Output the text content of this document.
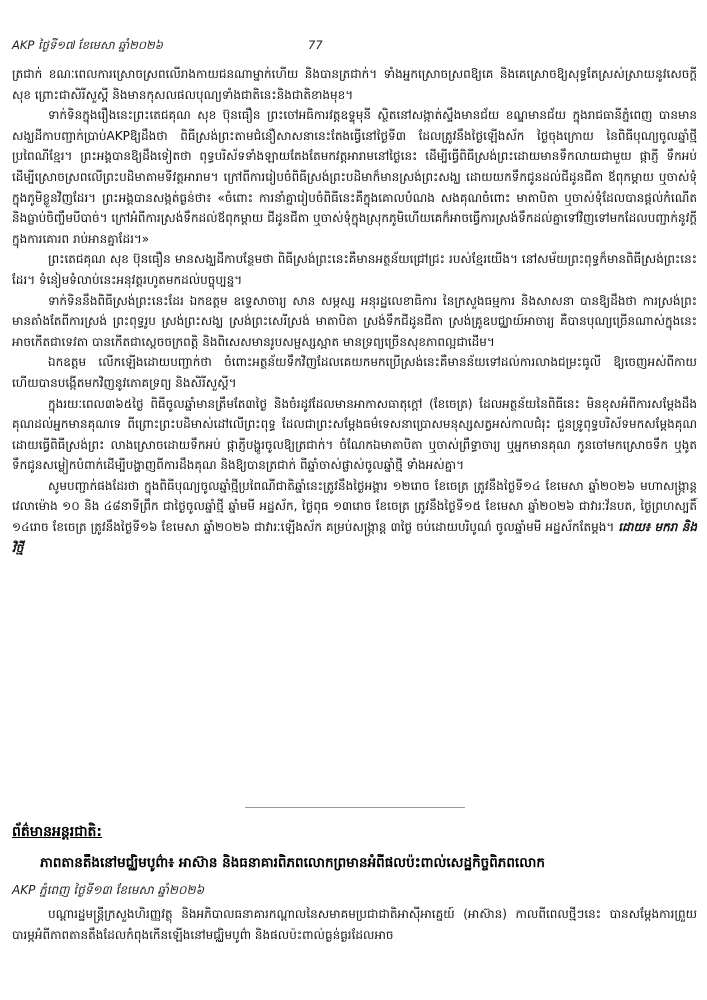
AKP ថ្ងៃទី១៧ ខែមេសា ឆ្នាំ២០២៦	77

ត្រជាក់ ខណៈពេលការស្រោចស្រពលើរាងកាយជនណាម្នាក់ហើយ និងបានត្រជាក់។ ទាំងអ្នកស្រោចស្រពឱ្យគេ និងគេស្រោចឱ្យសុទ្ធតែស្រស់ស្រាយនូវសេចក្ដីសុខ ព្រោះជាសិរីសួស្ដី និងមានកុសលផលបុណ្យទាំងជាតិនេះនិងជាតិខាងមុខ។

ទាក់ទិនក្នុងរឿងនេះព្រះតេជគុណ សុខ ប៊ុនធឿន ព្រះចៅអធិការវត្តឧទ្ទុមុនី ស្ថិតនៅសង្កាត់ស្ទឹងមានជ័យ ខណ្ឌមានជ័យ ក្នុងរាជធានីភ្នំពេញ បានមានសង្ឃដីកាបញ្ជាក់ប្រាប់AKPឱ្យដឹងថា ពិធីស្រង់ព្រះតាមជំនឿសាសនានេះតែងធ្វើនៅថ្ងៃទី៣ ដែលត្រូវនឹងថ្ងៃឡើងស័ក ថ្ងៃចុងក្រោយ នៃពិធីបុណ្យចូលឆ្នាំថ្មីប្រពៃណីខ្មែរ។ ព្រះអង្គបានឱ្យដឹងទៀតថា ពុទ្ធបរិស័ទទាំងឡាយតែងតែមកវត្តអារាមនៅថ្ងៃនេះ ដើម្បីធ្វើពិធីស្រង់ព្រះដោយមានទឹកលាយជាមួយ ផ្កាភ្ញី ទឹកអប់ ដើម្បីស្រោចស្រពលើព្រះបដិមាតាមទីវត្តអារាម។ ក្រៅពីការរៀបចំពិធីស្រង់ព្រះបដិមាក៏មានស្រង់ព្រះសង្ឃ ដោយយកទឹកជូនដល់ជីដូនជីតា ឪពុកម្ដាយ ឬចាស់ទុំក្នុងភូមិខ្លួនវិញដែរ។ ព្រះអង្គបានសង្កត់ធ្ងន់ថា៖ «ចំពោះ ការនាំគ្នារៀបចំពិធីនេះគឺក្នុងគោលបំណង សងគុណចំពោះ មាតាបិតា ឬចាស់ទុំដែលបានផ្ដល់កំណើត និងធ្លាប់ចិញ្ចឹមបីបាច់។ ក្រៅអំពីការស្រង់ទឹកដល់ឪពុកម្ដាយ ជីដូនជីតា ឬចាស់ទុំក្នុងស្រុកភូមិហើយគេក៏អាចធ្វើការស្រង់ទឹកដល់គ្នាទៅវិញទៅមកដែលបញ្ជាក់នូវក្ដីក្នុងការគោរព រាប់អានគ្នាដែរ។»

ព្រះតេជគុណ សុខ ប៊ុនធឿន មានសង្ឃដីកាបន្ថែមថា ពិធីស្រង់ព្រះនេះគឺមានអត្ថន័យជ្រៅជ្រះ របស់ខ្មែរយើង។ នៅសម័យព្រះពុទ្ធក៏មានពិធីស្រង់ព្រះនេះដែរ។ ទំនៀមទំលាប់នេះអនុវត្តរហូតមកដល់បច្ចុប្បន្ន។

ទាក់ទិននឹងពិធីស្រង់ព្រះនេះដែរ ឯកឧត្ដម ឧទ្ទេសាចារ្យ សាន សម្ភស្ស អនុរដ្ឋលេខាធិការ នៃក្រសួងធម្មការ និងសាសនា បានឱ្យដឹងថា ការស្រង់ព្រះមានតាំងតែពីការស្រង់ ព្រះពុទ្ធរូប ស្រង់ព្រះសង្ឃ ស្រង់ព្រះសេរីស្រង់ មាតាបិតា ស្រង់ទឹកជីដូនជីតា ស្រង់គ្រូឧបជ្ឈាយ៍អាចារ្យ គឺបានបុណ្យច្រើនណាស់ក្នុងនេះអាចកើតជាទេវតា បានកើតជាស្ដេចចក្រពត្តិ និងពិសេសមានរូបសម្ផស្សស្អាត មានទ្រព្យច្រើនសុខភាពល្អជាដើម។

ឯកឧត្ដម លើកឡើងដោយបញ្ជាក់ថា ចំពោះអត្ថន័យទឹកវិញដែលគេយកមកប្រើស្រង់នេះគឺមានន័យទៅដល់ការលាងជម្រះធូលី ឱ្យចេញអស់ពីកាយ ហើយបានបង្កើតមកវិញនូវភោគទ្រព្យ និងសិរីសួស្ដី។

ក្នុងរយៈពេល៣៦៥ថ្ងៃ ពិធីចូលឆ្នាំមានត្រឹមតែ៣ថ្ងៃ និងចំរដូវដែលមានអាកាសធាតុក្ដៅ (ខែចេត្រ) ដែលអត្ថន័យនៃពិធីនេះ មិនខុសអំពីការសម្ដែងដឹងគុណដល់អ្នកមានគុណទេ ពីព្រោះព្រះបដិមាស់ដៅលើព្រះពុទ្ធ ដែលជាព្រះសម្ដែងធម៌ទេសនាប្រោសមនុស្សសត្វអស់កាលជំរុះ ជួនទ្រូពុទ្ធបរិស័ទមកសម្ដែងគុណដោយធ្វើពិធីស្រង់ព្រះ លាងស្រោចដោយទឹកអប់ ផ្កាភ្ញីបង្ហូរចូលឱ្យត្រជាក់។ ចំណែកឯមាតាបិតា ឬចាស់ព្រឹទ្ធាចារ្យ ឬអ្នកមានគុណ កូនចៅមកស្រោចទឹក ឬងូតទឹកជូនសម្លៀកបំពាក់ដើម្បីបង្ហាញពីការដឹងគុណ និងឱ្យបានត្រជាក់ ពីឆ្នាំចាស់ផ្លាស់ចូលឆ្នាំថ្មី ទាំងអស់គ្នា។

សូមបញ្ជាក់ផងដែរថា ក្នុងពិធីបុណ្យចូលឆ្នាំថ្មីប្រពៃណីជាតិឆ្នាំនេះត្រូវនឹងថ្ងៃអង្គារ ១២រោច ខែចេត្រ ត្រូវនឹងថ្ងៃទី១៤ ខែមេសា ឆ្នាំ២០២៦ មហាសង្ក្រាន្ត វេលាម៉ោង ១០ និង ៤៨នាទីព្រឹក ជាថ្ងៃចូលឆ្នាំថ្មី ឆ្នាំមមី អដ្ឋស័ក, ថ្ងៃពុធ ១៣រោច ខែចេត្រ ត្រូវនឹងថ្ងៃទី១៥ ខែមេសា ឆ្នាំ២០២៦ ជាវារៈវ័នបត, ថ្ងៃព្រហស្បតិ៍ ១៤រោច ខែចេត្រ ត្រូវនឹងថ្ងៃទី១៦ ខែមេសា ឆ្នាំ២០២៦ ជាវារៈឡើងស័ក គម្រប់សង្ក្រាន្ត ៣ថ្ងៃ ចប់ដោយបរិបូណ៌ ចូលឆ្នាំមមី អដ្ឋស័កតែម្ដង។ ដោយ៖ មករា និង វិថ្មី

ព័ត៌មានអន្តរជាតិ:
ភាពតានតឹងនៅមជ្ឈិមបូព៌ា៖ អាស៊ាន និងធនាគារពិភពលោកព្រមានអំពីផលប៉ះពាល់សេដ្ឋកិច្ចពិភពលោក
AKP ភ្នំពេញ ថ្ងៃទី១៣ ខែមេសា ឆ្នាំ២០២៦

បណ្ដារដ្ឋមន្ត្រីក្រសួងហិរញ្ញវត្ថុ និងអភិបាលធនាគារកណ្ដាលនៃសមាគមប្រជាជាតិអាស៊ីអាគ្នេយ៍ (អាស៊ាន) កាលពីពេលថ្មីៗនេះ បានសម្ដែងការព្រួយបារម្ភអំពីភាពតានតឹងដែលកំពុងកើនឡើងនៅមជ្ឈិមបូព៌ា និងផលប៉ះពាល់ធ្ងន់ធ្ងរដែលអាច
